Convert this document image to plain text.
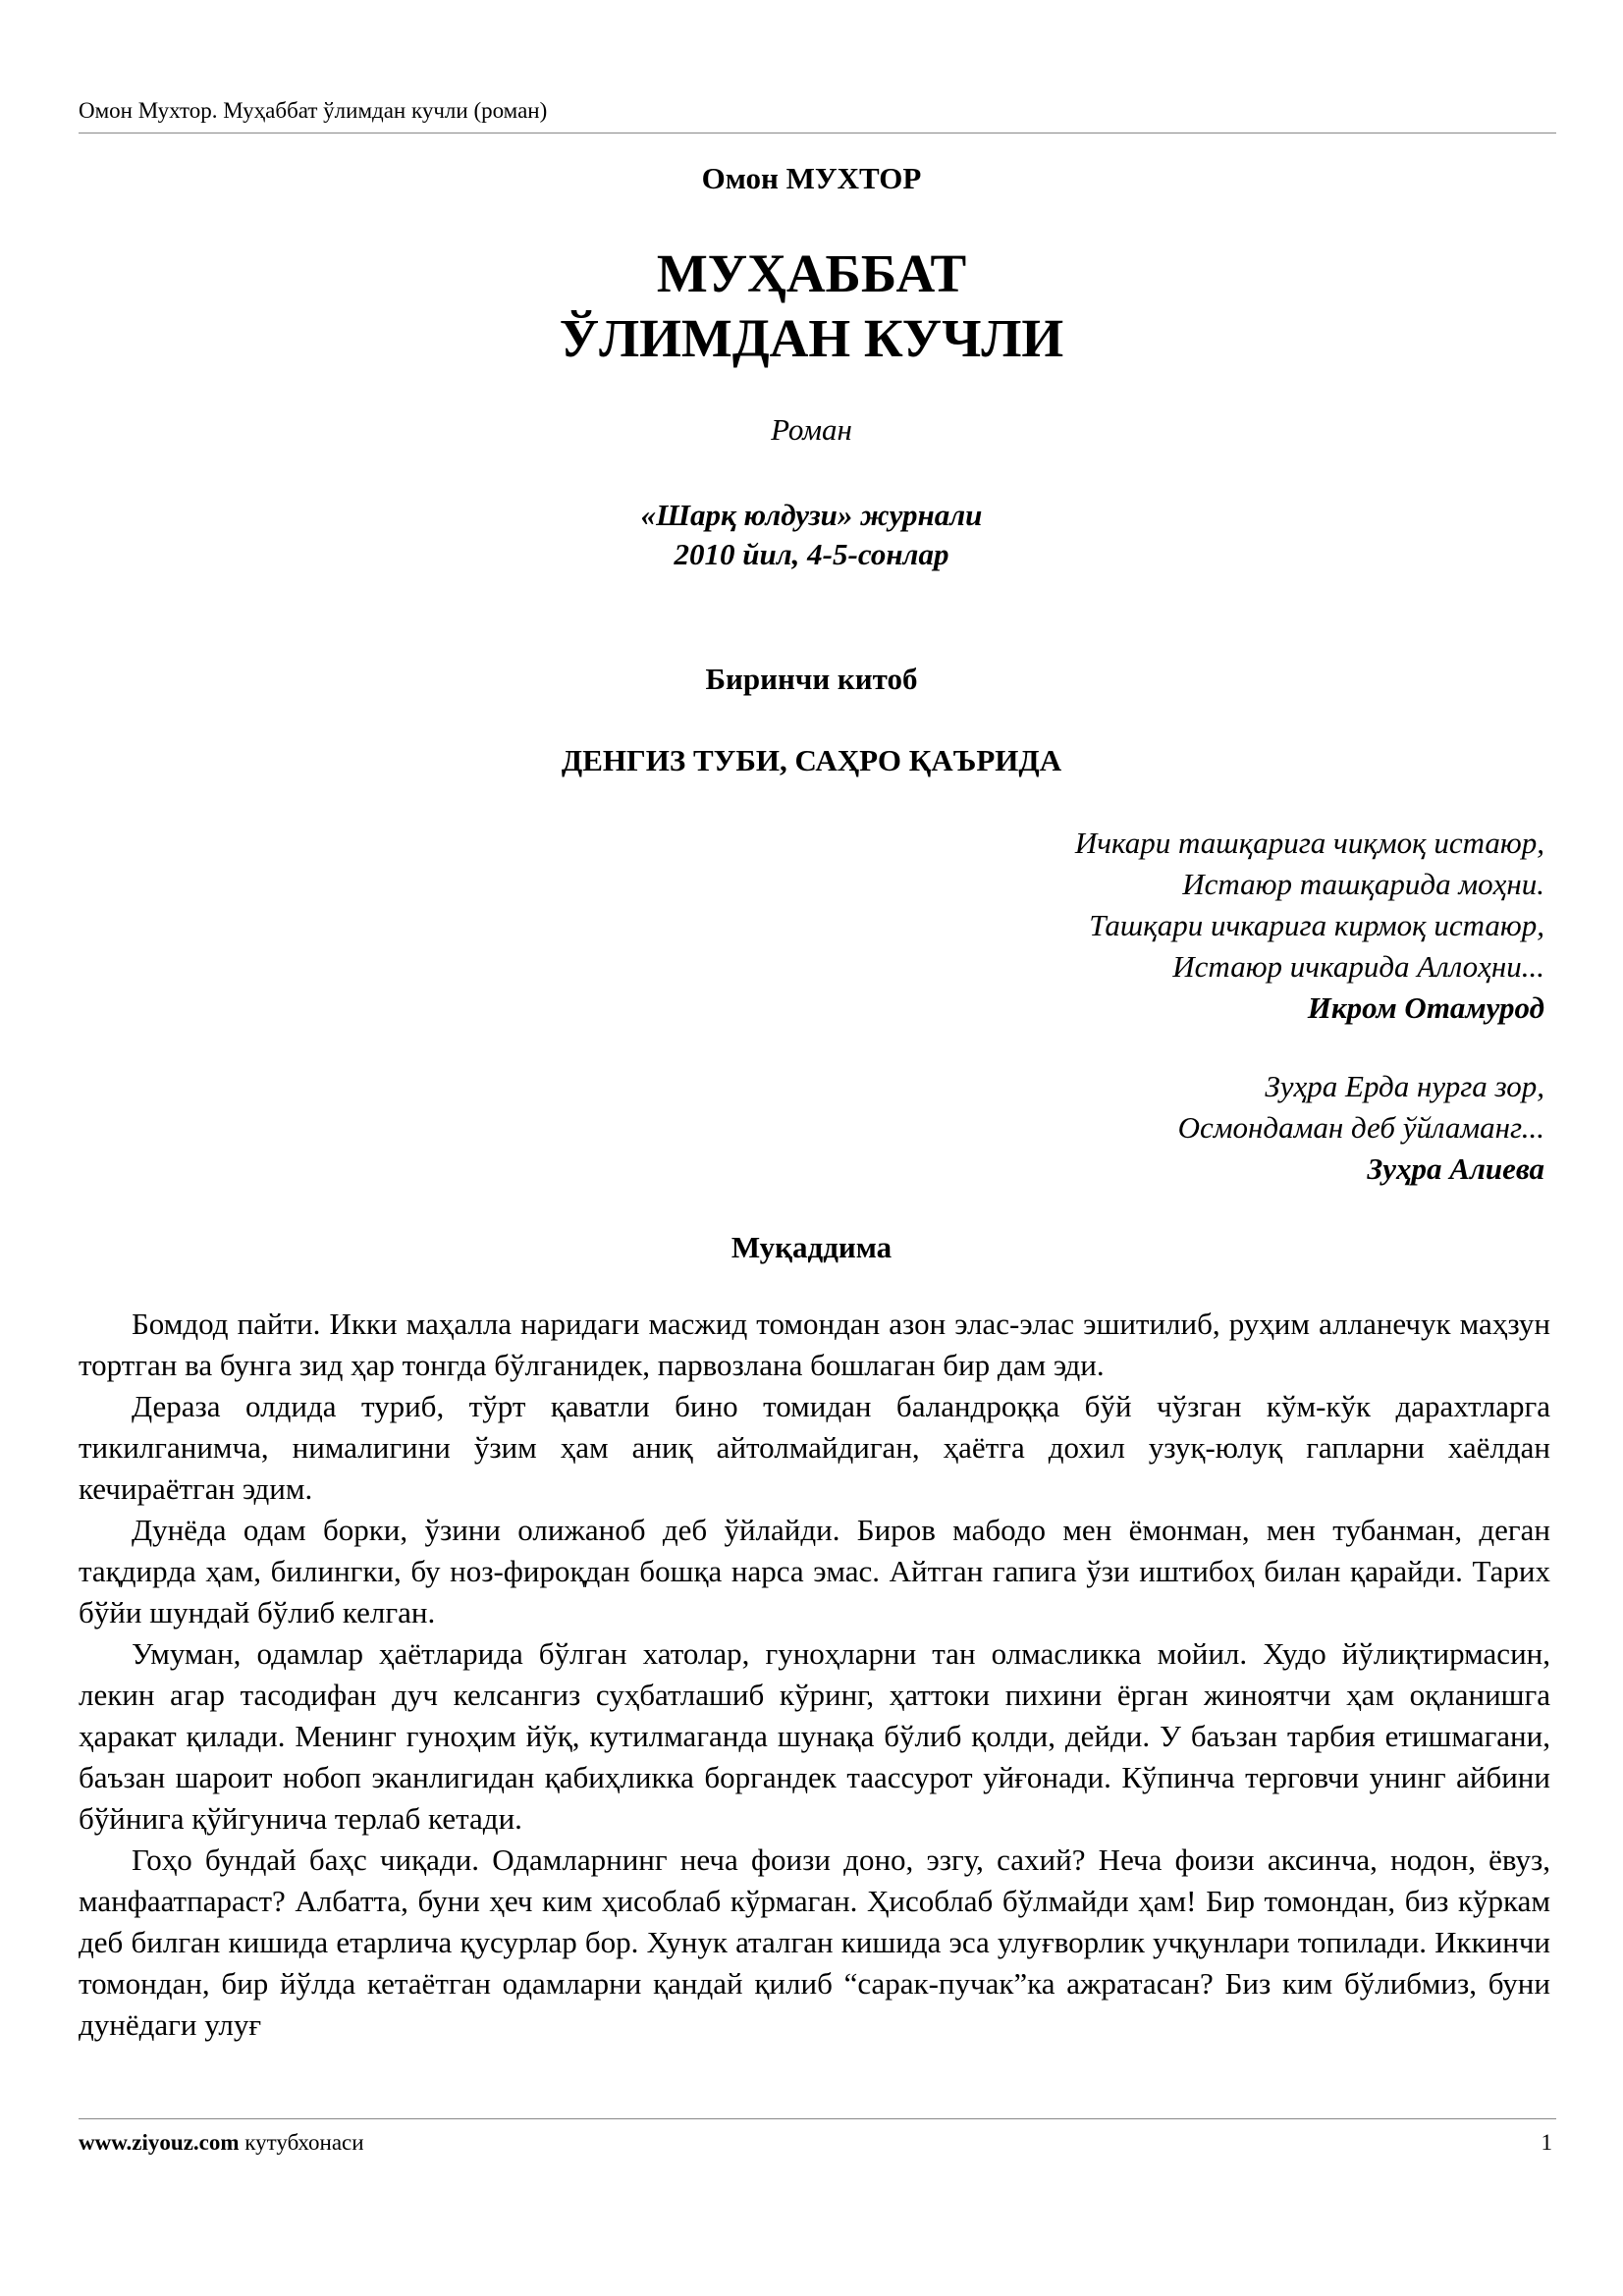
Омон Мухтор. Муҳаббат ўлимдан кучли (роман)
Омон МУХТОР
МУҲАББАТ
ЎЛИМДАН КУЧЛИ
Роман
«Шарқ юлдузи» журнали
2010 йил, 4-5-сонлар
Биринчи китоб
ДЕНГИЗ ТУБИ, САҲРО ҚАЪРИДА
Ичкари ташқарига чиқмоқ истаюр,
Истаюр ташқарида моҳни.
Ташқари ичкарига кирмоқ истаюр,
Истаюр ичкарида Аллоҳни...
Икром Отамурод
Зуҳра Ерда нурга зор,
Осмондаман деб ўйламанг...
Зуҳра Алиева
Муқаддима

Бомдод пайти. Икки маҳалла наридаги масжид томондан азон элас-элас эшитилиб, руҳим алланечук маҳзун тортган ва бунга зид ҳар тонгда бўлганидек, парвозлана бошлаган бир дам эди.

Дераза олдида туриб, тўрт қаватли бино томидан баландроққа бўй чўзган кўм-кўк дарахтларга тикилганимча, нималигини ўзим ҳам аниқ айтолмайдиган, ҳаётга дохил узуқ-юлуқ гапларни хаёлдан кечираётган эдим.

Дунёда одам борки, ўзини олижаноб деб ўйлайди. Биров мабодо мен ёмонман, мен тубанман, деган тақдирда ҳам, билингки, бу ноз-фироқдан бошқа нарса эмас. Айтган гапига ўзи иштибоҳ билан қарайди. Тарих бўйи шундай бўлиб келган.

Умуман, одамлар ҳаётларида бўлган хатолар, гуноҳларни тан олмасликка мойил. Худо йўлиқтирмасин, лекин агар тасодифан дуч келсангиз суҳбатлашиб кўринг, ҳаттоки пихини ёрган жиноятчи ҳам оқланишга ҳаракат қилади. Менинг гуноҳим йўқ, кутилмаганда шунақа бўлиб қолди, дейди. У баъзан тарбия етишмагани, баъзан шароит нобоп эканлигидан қабиҳликка боргандек таассурот уйғонади. Кўпинча терговчи унинг айбини бўйнига қўйгунича терлаб кетади.

Гоҳо бундай баҳс чиқади. Одамларнинг неча фоизи доно, эзгу, сахий? Неча фоизи аксинча, нодон, ёвуз, манфаатпараст? Албатта, буни ҳеч ким ҳисоблаб кўрмаган. Ҳисоблаб бўлмайди ҳам! Бир томондан, биз кўркам деб билган кишида етарлича қусурлар бор. Хунук аталган кишида эса улуғворлик учқунлари топилади. Иккинчи томондан, бир йўлда кетаётган одамларни қандай қилиб “сарак-пучак”ка ажратасан? Биз ким бўлибмиз, буни дунёдаги улуғ

www.ziyouz.com кутубхонаси	1
